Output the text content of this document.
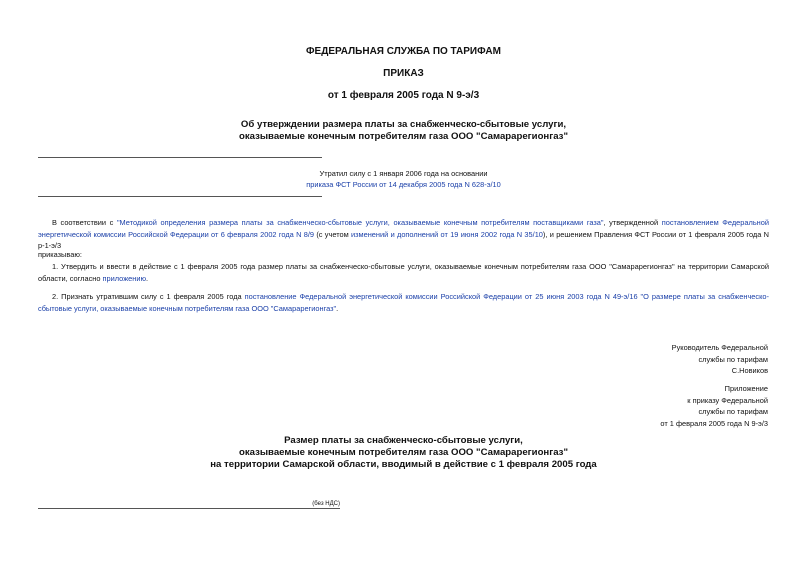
ФЕДЕРАЛЬНАЯ СЛУЖБА ПО ТАРИФАМ
ПРИКАЗ
от 1 февраля 2005 года N 9-э/3
Об утверждении размера платы за снабженческо-сбытовые услуги,
оказываемые конечным потребителям газа ООО "Самарарегионгаз"
Утратил силу с 1 января 2006 года на основании
приказа ФСТ России от 14 декабря 2005 года N 628-э/10
В соответствии с "Методикой определения размера платы за снабженческо-сбытовые услуги, оказываемые конечным потребителям поставщиками газа", утвержденной постановлением Федеральной энергетической комиссии Российской Федерации от 6 февраля 2002 года N 8/9 (с учетом изменений и дополнений от 19 июня 2002 года N 35/10), и решением Правления ФСТ России от 1 февраля 2005 года N р-1-э/3
приказываю:
1. Утвердить и ввести в действие с 1 февраля 2005 года размер платы за снабженческо-сбытовые услуги, оказываемые конечным потребителям газа ООО "Самарарегионгаз" на территории Самарской области, согласно приложению.
2. Признать утратившим силу с 1 февраля 2005 года постановление Федеральной энергетической комиссии Российской Федерации от 25 июня 2003 года N 49-э/16 "О размере платы за снабженческо-сбытовые услуги, оказываемые конечным потребителям газа ООО "Самарарегионгаз".
Руководитель Федеральной
службы по тарифам
С.Новиков
Приложение
к приказу Федеральной
службы по тарифам
от 1 февраля 2005 года N 9-э/3
Размер платы за снабженческо-сбытовые услуги,
оказываемые конечным потребителям газа ООО "Самарарегионгаз"
на территории Самарской области, вводимый в действие с 1 февраля 2005 года
(без НДС)
